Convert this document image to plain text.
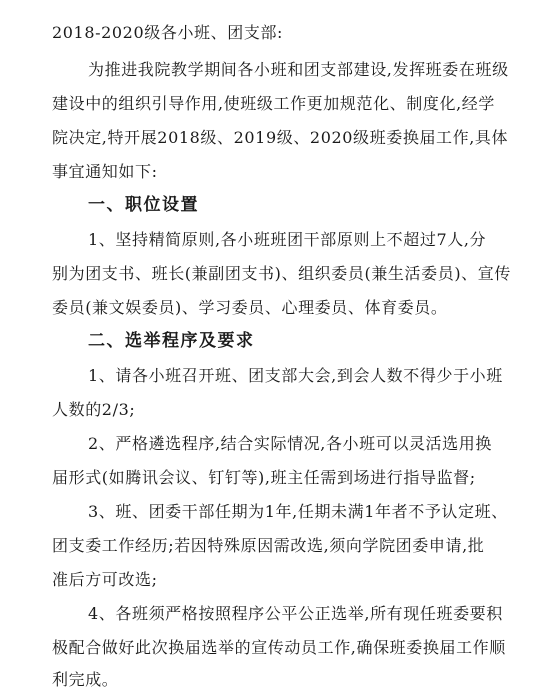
2018-2020级各小班、团支部:
为推进我院教学期间各小班和团支部建设,发挥班委在班级
建设中的组织引导作用,使班级工作更加规范化、制度化,经学
院决定,特开展2018级、2019级、2020级班委换届工作,具体
事宜通知如下:
一、职位设置
1、坚持精简原则,各小班班团干部原则上不超过7人,分
别为团支书、班长(兼副团支书)、组织委员(兼生活委员)、宣传
委员(兼文娱委员)、学习委员、心理委员、体育委员。
二、选举程序及要求
1、请各小班召开班、团支部大会,到会人数不得少于小班
人数的2/3;
2、严格遴选程序,结合实际情况,各小班可以灵活选用换
届形式(如腾讯会议、钉钉等),班主任需到场进行指导监督;
3、班、团委干部任期为1年,任期未满1年者不予认定班、
团支委工作经历;若因特殊原因需改选,须向学院团委申请,批
准后方可改选;
4、各班须严格按照程序公平公正选举,所有现任班委要积
极配合做好此次换届选举的宣传动员工作,确保班委换届工作顺
利完成。
